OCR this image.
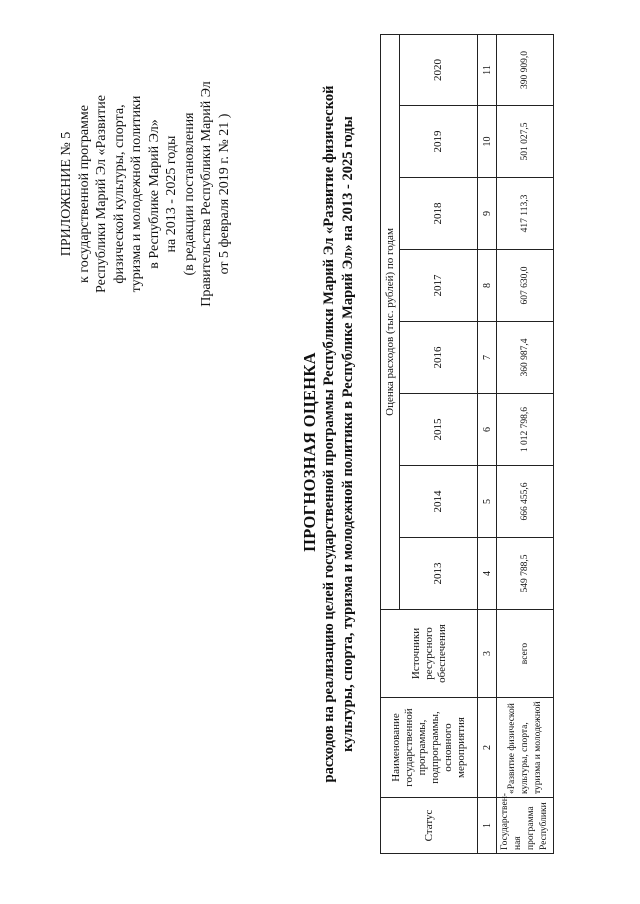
ПРИЛОЖЕНИЕ № 5 к государственной программе Республики Марий Эл «Развитие физической культуры, спорта, туризма и молодежной политики в Республике Марий Эл» на 2013 - 2025 годы (в редакции постановления Правительства Республики Марий Эл от 5 февраля 2019 г. № 21 )
ПРОГНОЗНАЯ ОЦЕНКА расходов на реализацию целей государственной программы Республики Марий Эл «Развитие физической культуры, спорта, туризма и молодежной политики в Республике Марий Эл» на 2013 - 2025 годы
Статус	Наименование государственной программы, подпрограммы, основного мероприятия	Источники ресурсного обеспечения	Оценка расходов (тыс. рублей) по годам							
			2013	2014	2015	2016	2017	2018	2019	2020
1	2	3	4	5	6	7	8	9	10	11
Государствен-ная программа Республики	«Развитие физической культуры, спорта, туризма и молодежной	всего	549 788,5	666 455,6	1 012 798,6	360 987,4	607 630,0	417 113,3	501 027,5	390 909,0
